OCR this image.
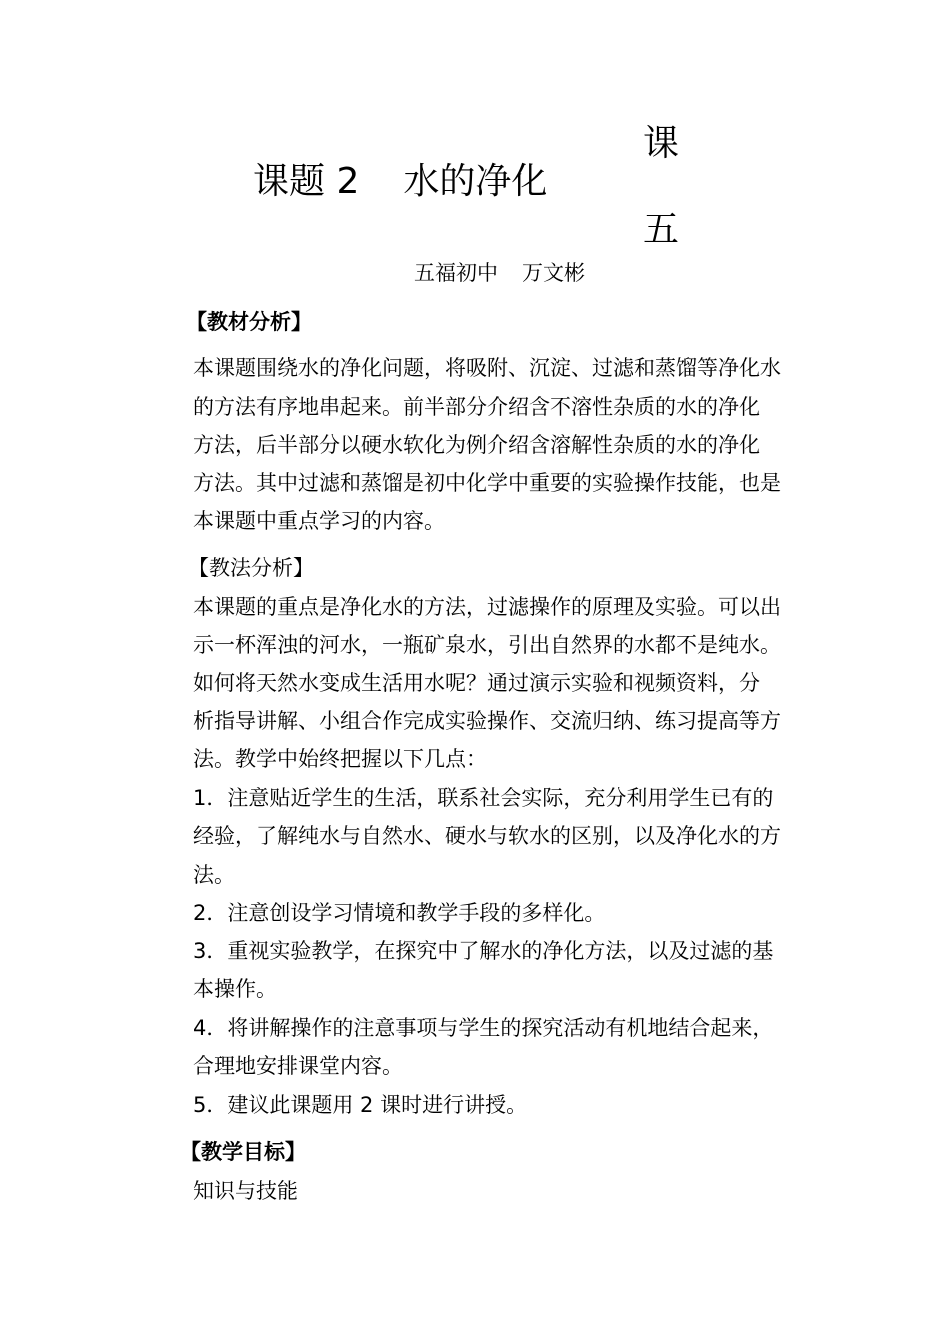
课题 2 水的净化
课
五
五福初中 万文彬
【教材分析】
本课题围绕水的净化问题，将吸附、沉淀、过滤和蒸馏等净化水
的方法有序地串起来。前半部分介绍含不溶性杂质的水的净化
方法，后半部分以硬水软化为例介绍含溶解性杂质的水的净化
方法。其中过滤和蒸馏是初中化学中重要的实验操作技能，也是
本课题中重点学习的内容。
【教法分析】
本课题的重点是净化水的方法，过滤操作的原理及实验。可以出
示一杯浑浊的河水，一瓶矿泉水，引出自然界的水都不是纯水。
如何将天然水变成生活用水呢？通过演示实验和视频资料，分
析指导讲解、小组合作完成实验操作、交流归纳、练习提高等方
法。教学中始终把握以下几点：
1．注意贴近学生的生活，联系社会实际，充分利用学生已有的
经验，了解纯水与自然水、硬水与软水的区别，以及净化水的方
法。
2．注意创设学习情境和教学手段的多样化。
3．重视实验教学，在探究中了解水的净化方法，以及过滤的基
本操作。
4．将讲解操作的注意事项与学生的探究活动有机地结合起来，
合理地安排课堂内容。
5．建议此课题用 2 课时进行讲授。
【教学目标】
知识与技能
